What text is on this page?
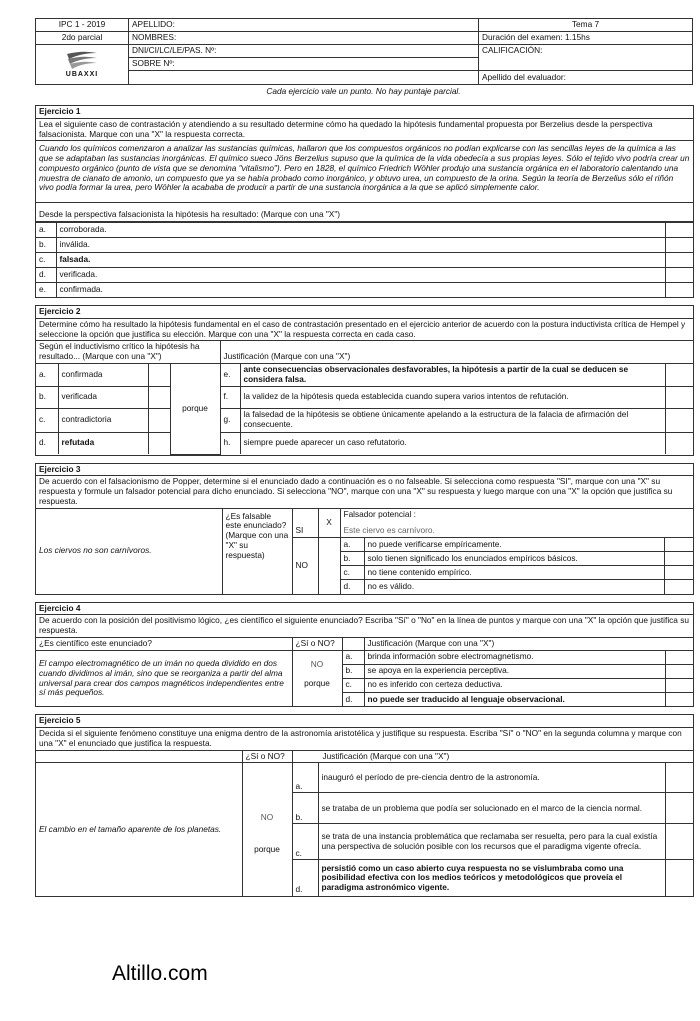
IPC 1 - 2019	APELLIDO:	Tema 7
2do parcial	NOMBRES:	Duración del examen: 1.15hs

UBAXXI	DNI/CI/LC/LE/PAS. Nº:	CALIFICACIÓN:
	SOBRE Nº:	
		Apellido del evaluador:
Cada ejercicio vale un punto. No hay puntaje parcial.
Ejercicio 1
Lea el siguiente caso de contrastación y atendiendo a su resultado determine cómo ha quedado la hipótesis fundamental propuesta por Berzelius desde la perspectiva falsacionista. Marque con una "X" la respuesta correcta.
Cuando los químicos comenzaron a analizar las sustancias químicas, hallaron que los compuestos orgánicos no podían explicarse con las sencillas leyes de la química a las que se adaptaban las sustancias inorgánicas. El químico sueco Jöns Berzelius supuso que la química de la vida obedecía a sus propias leyes. Sólo el tejido vivo podría crear un compuesto orgánico (punto de vista que se denomina "vitalismo"). Pero en 1828, el químico Friedrich Wöhler produjo una sustancia orgánica en el laboratorio calentando una muestra de cianato de amonio, un compuesto que ya se había probado como inorgánico, y obtuvo urea, un compuesto de la orina. Según la teoría de Berzelius sólo el riñón vivo podía formar la urea, pero Wöhler la acababa de producir a partir de una sustancia inorgánica a la que se aplicó simplemente calor.
Desde la perspectiva falsacionista la hipótesis ha resultado: (Marque con una "X")
a.	corroborada.	
b.	inválida.	
c.	falsada.	
d.	verificada.	
e.	confirmada.	
Ejercicio 2
Determine cómo ha resultado la hipótesis fundamental en el caso de contrastación presentado en el ejercicio anterior de acuerdo con la postura inductivista crítica de Hempel y seleccione la opción que justifica su elección. Marque con una "X" la respuesta correcta en cada caso.
Según el inductivismo crítico la hipótesis ha resultado... (Marque con una "X")				Justificación (Marque con una "X")		
a.	confirmada		porque	e.	ante consecuencias observacionales desfavorables, la hipótesis a partir de la cual se deducen se considera falsa.	
b.	verificada			f.	la validez de la hipótesis queda establecida cuando supera varios intentos de refutación.	
c.	contradictoria			g.	la falsedad de la hipótesis se obtiene únicamente apelando a la estructura de la falacia de afirmación del consecuente.	
d.	refutada			h.	siempre puede aparecer un caso refutatorio.	
Ejercicio 3
De acuerdo con el falsacionismo de Popper, determine si el enunciado dado a continuación es o no falseable. Si selecciona como respuesta "SI", marque con una "X" su respuesta y formule un falsador potencial para dicho enunciado. Si selecciona "NO", marque con una "X" su respuesta y luego marque con una "X" la opción que justifica su respuesta.
Los ciervos no son carnívoros.	¿Es falsable este enunciado? (Marque con una "X" su respuesta)	SI	X	Falsador potencial :
Este ciervo es carnívoro.		

		NO		a.	no puede verificarse empíricamente.	
				b.	solo tienen significado los enunciados empíricos básicos.	
				c.	no tiene contenido empírico.	
				d.	no es válido.	
Ejercicio 4
De acuerdo con la posición del positivismo lógico, ¿es científico el siguiente enunciado? Escriba "Sí" o "No" en la línea de puntos y marque con una "X" la opción que justifica su respuesta.
¿Es científico este enunciado?	¿Sí o NO?		Justificación (Marque con una "X")	
El campo electromagnético de un imán no queda dividido en dos cuando dividimos al imán, sino que se reorganiza a partir del alma universal para crear dos campos magnéticos independientes entre sí más pequeños.	NO	a.	brinda información sobre electromagnetismo.	
		b.	se apoya en la experiencia perceptiva.	
	porque	c.	no es inferido con certeza deductiva.	
		d.	no puede ser traducido al lenguaje observacional.	
Ejercicio 5
Decida si el siguiente fenómeno constituye una enigma dentro de la astronomía aristotélica y justifique su respuesta. Escriba "Sí" o "NO" en la segunda columna y marque con una "X" el enunciado que justifica la respuesta.
	¿Sí o NO?	Justificación (Marque con una "X")		
El cambio en el tamaño aparente de los planetas.	NO	a.	inauguró el período de pre-ciencia dentro de la astronomía.	
		b.	se trataba de un problema que podía ser solucionado en el marco de la ciencia normal.	
	porque	c.	se trata de una instancia problemática que reclamaba ser resuelta, pero para la cual existía una perspectiva de solución posible con los recursos que el paradigma vigente ofrecía.	
		d.	persistió como un caso abierto cuya respuesta no se vislumbraba como una posibilidad efectiva con los medios teóricos y metodológicos que proveía el paradigma astronómico vigente.	
Altillo.com
